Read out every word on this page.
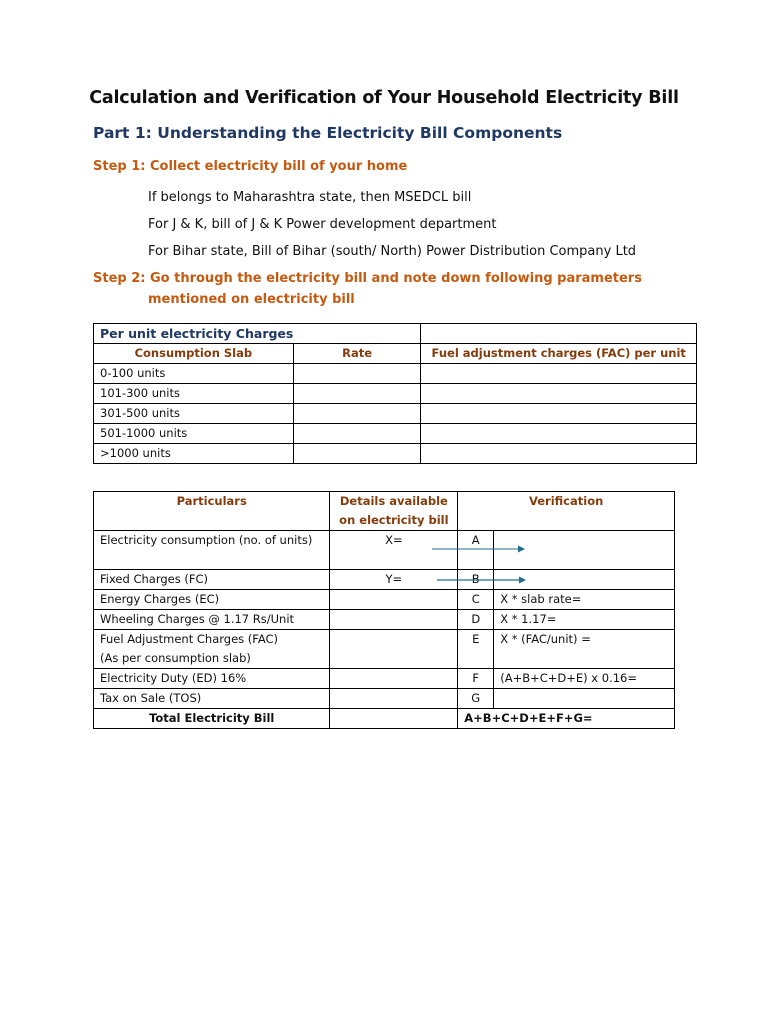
Calculation and Verification of Your Household Electricity Bill
Part 1: Understanding the Electricity Bill Components
Step 1: Collect electricity bill of your home
If belongs to Maharashtra state, then MSEDCL bill
For J & K, bill of J & K Power development department
For Bihar state, Bill of Bihar (south/ North) Power Distribution Company Ltd
Step 2: Go through the electricity bill and note down following parameters
mentioned on electricity bill
Per unit electricity Charges		
Consumption Slab	Rate	Fuel adjustment charges (FAC) per unit
0-100 units		
101-300 units		
301-500 units		
501-1000 units		
>1000 units		
Particulars	Details available on electricity bill	Verification	
Electricity consumption (no. of units)	X=	A	
Fixed Charges (FC)	Y=	B	
Energy Charges (EC)		C	X * slab rate=
Wheeling Charges @ 1.17 Rs/Unit		D	X * 1.17=

Fuel Adjustment Charges (FAC)
(As per consumption slab)		E	X * (FAC/unit) =
Electricity Duty (ED) 16%		F	(A+B+C+D+E) x 0.16=
Tax on Sale (TOS)		G	
Total Electricity Bill		A+B+C+D+E+F+G=	
